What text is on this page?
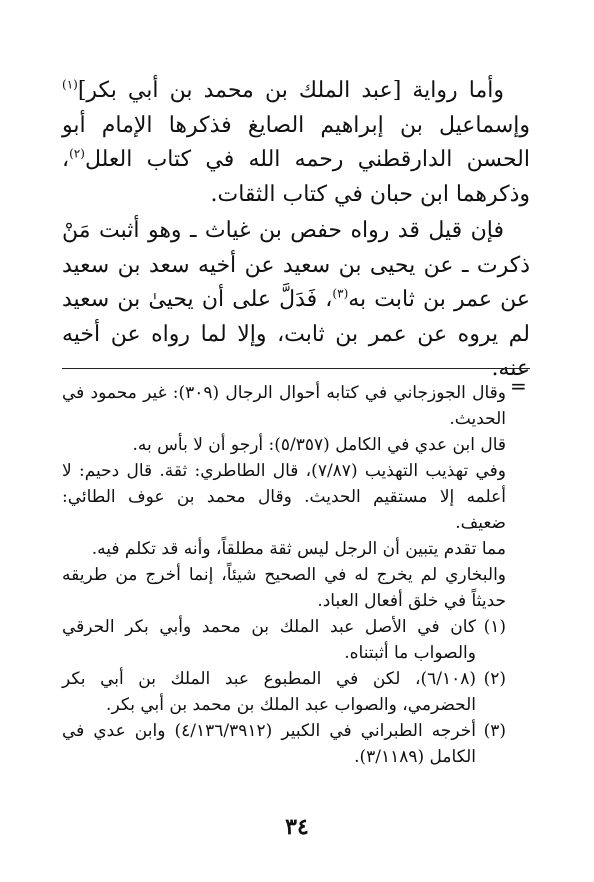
وأما رواية [عبد الملك بن محمد بن أبي بكر]$^{(١)}$ وإسماعيل بن إبراهيم الصايغ فذكرها الإمام أبو الحسن الدارقطني رحمه الله في كتاب العلل$^{(٢)}$، وذكرهما ابن حبان في كتاب الثقات.

فإن قيل قد رواه حفص بن غياث ـ وهو أثبت مَنْ ذكرت ـ عن يحيى بن سعيد عن أخيه سعد بن سعيد عن عمر بن ثابت به$^{(٣)}$، فَدَلَّ على أن يحيىٰ بن سعيد لم يروه عن عمر بن ثابت، وإلا لما رواه عن أخيه عنه.

=

وقال الجوزجاني في كتابه أحوال الرجال (٣٠٩): غير محمود في الحديث.

قال ابن عدي في الكامل (٥/٣٥٧): أرجو أن لا بأس به.

وفي تهذيب التهذيب (٧/٨٧)، قال الطاطري: ثقة. قال دحيم: لا أعلمه إلا مستقيم الحديث. وقال محمد بن عوف الطائي: ضعيف.

مما تقدم يتبين أن الرجل ليس ثقة مطلقاً، وأنه قد تكلم فيه.

والبخاري لم يخرج له في الصحيح شيئاً، إنما أخرج من طريقه حديثاً في خلق أفعال العباد.

(١)كان في الأصل عبد الملك بن محمد وأبي بكر الحرقي والصواب ما أثبتناه.

(٢)(٦/١٠٨)، لكن في المطبوع عبد الملك بن أبي بكر الحضرمي، والصواب عبد الملك بن محمد بن أبي بكر.

(٣)أخرجه الطبراني في الكبير (٤/١٣٦/٣٩١٢) وابن عدي في الكامل (٣/١١٨٩).

٣٤
